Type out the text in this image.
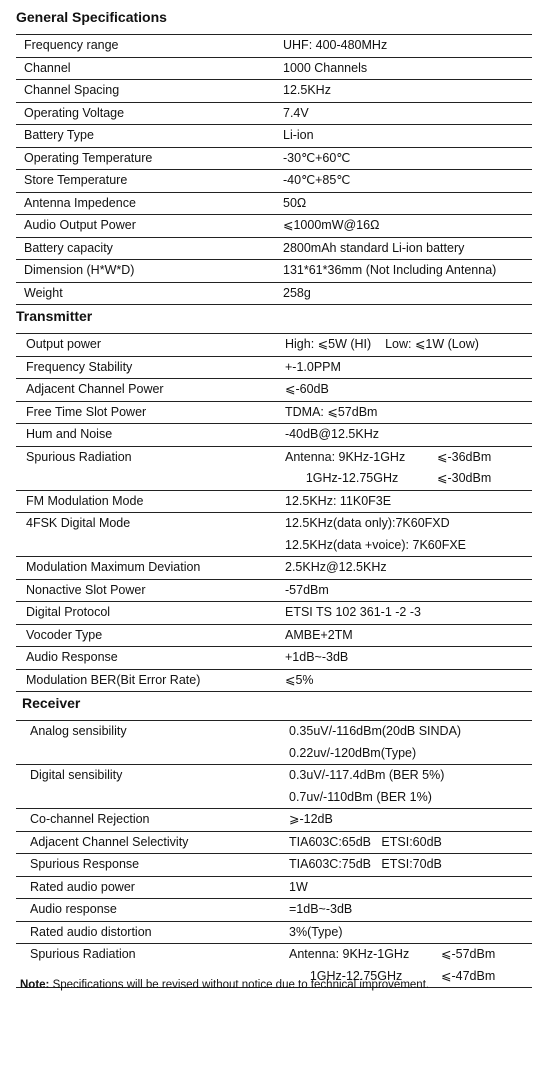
General Specifications
Frequency range	UHF: 400-480MHz

Channel	1000 Channels

Channel Spacing	12.5KHz

Operating Voltage	7.4V

Battery Type	Li-ion

Operating Temperature	-30℃+60℃

Store Temperature	-40℃+85℃

Antenna Impedence	50Ω

Audio Output Power	⩽1000mW@16Ω

Battery capacity	2800mAh standard Li-ion battery

Dimension (H*W*D)	131*61*36mm (Not Including Antenna)

Weight	258g
Transmitter
Output power	High: ⩽5W (HI)    Low: ⩽1W (Low)

Frequency Stability	+-1.0PPM

Adjacent Channel Power	⩽-60dB

Free Time Slot Power	TDMA: ⩽57dBm

Hum and Noise	-40dB@12.5KHz

Spurious Radiation	Antenna: 9KHz-1GHz ⩽-36dBm
1GHz-12.75GHz ⩽-30dBm

FM Modulation Mode	12.5KHz: 11K0F3E

4FSK Digital Mode	12.5KHz(data only):7K60FXD
12.5KHz(data +voice): 7K60FXE

Modulation Maximum Deviation	2.5KHz@12.5KHz

Nonactive Slot Power	-57dBm

Digital Protocol	ETSI TS 102 361-1 -2 -3

Vocoder Type	AMBE+2TM

Audio Response	+1dB~-3dB

Modulation BER(Bit Error Rate)	⩽5%
Receiver
Analog sensibility	0.35uV/-116dBm(20dB SINDA)
0.22uv/-120dBm(Type)

Digital sensibility	0.3uV/-117.4dBm (BER 5%)
0.7uv/-110dBm (BER 1%)

Co-channel Rejection	⩾-12dB

Adjacent Channel Selectivity	TIA603C:65dB   ETSI:60dB

Spurious Response	TIA603C:75dB   ETSI:70dB

Rated audio power	1W

Audio response	=1dB~-3dB

Rated audio distortion	3%(Type)

Spurious Radiation	Antenna: 9KHz-1GHz ⩽-57dBm
1GHz-12.75GHz ⩽-47dBm
Note: Specifications will be revised without notice due to technical improvement.
